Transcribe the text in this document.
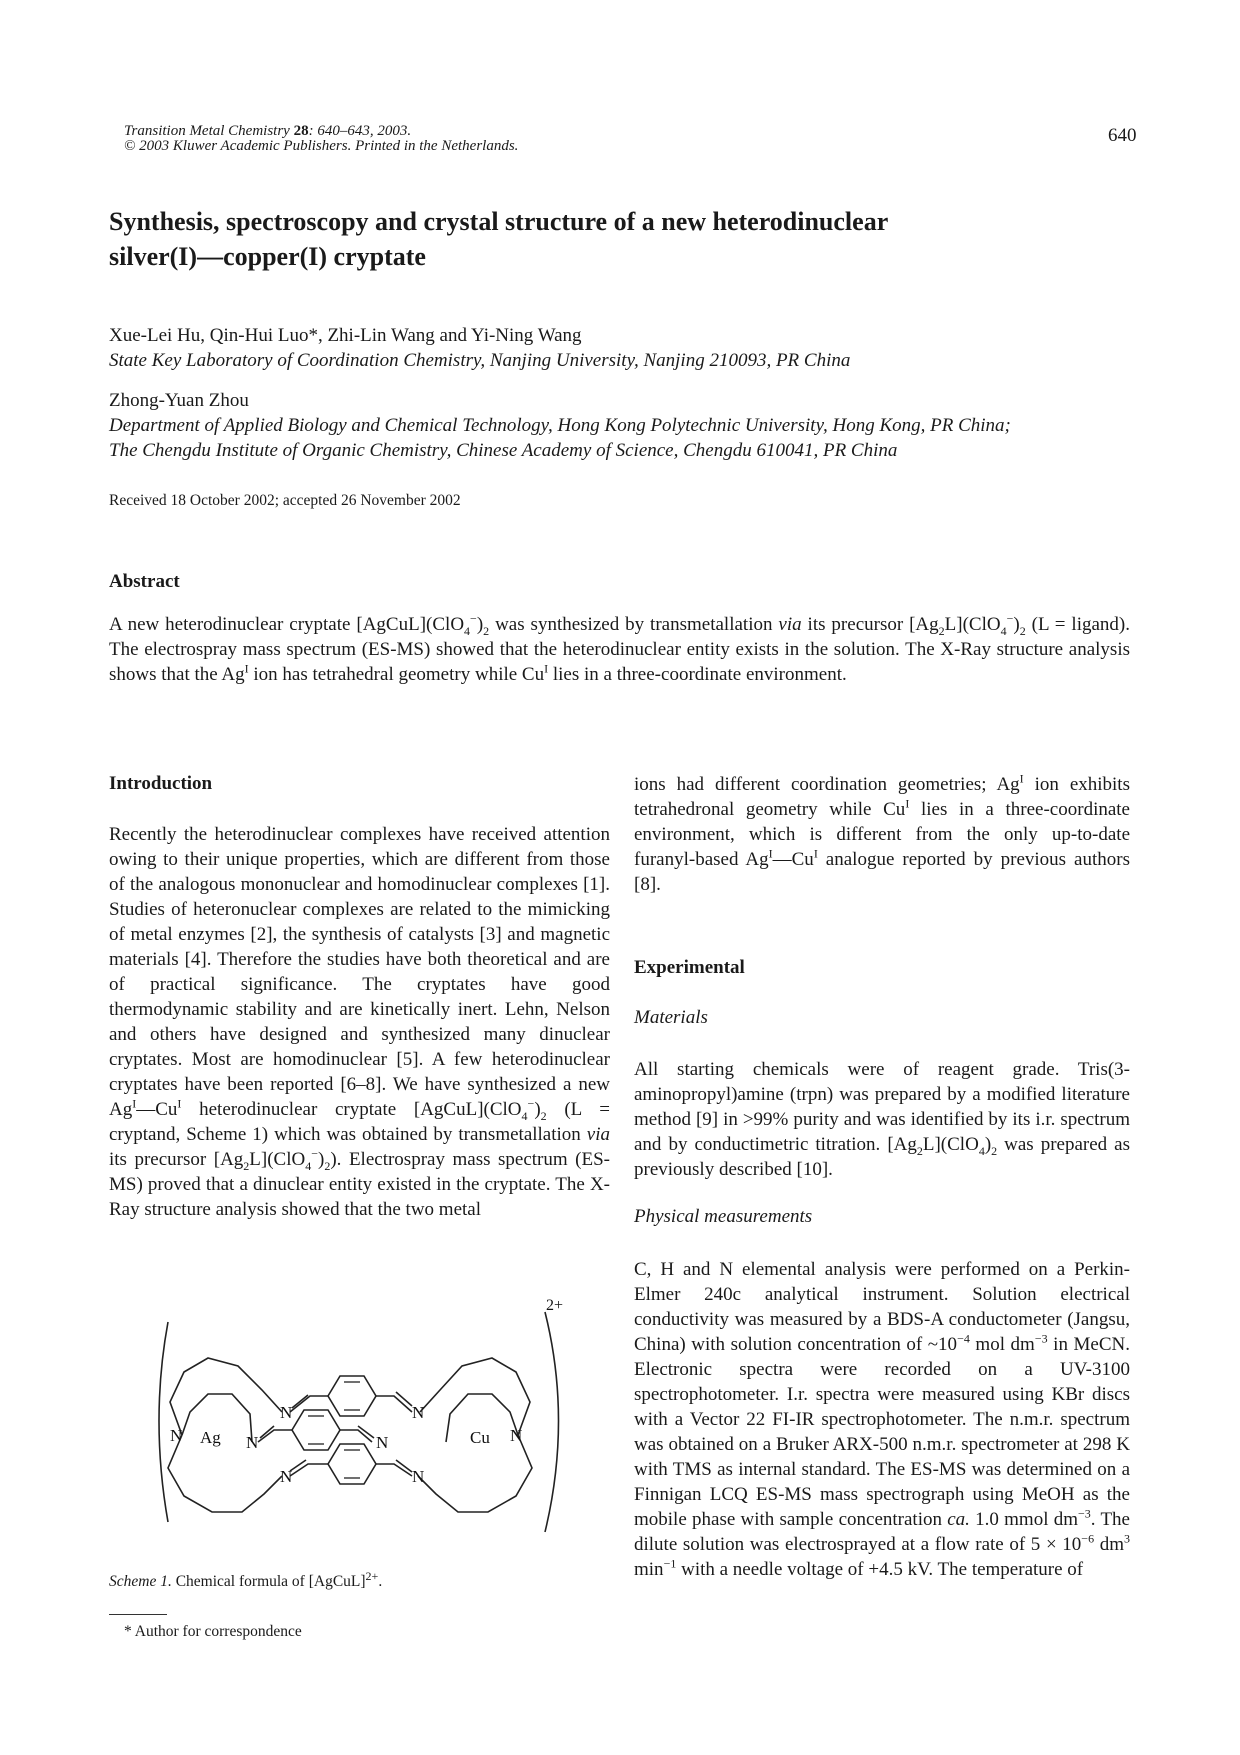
Transition Metal Chemistry 28: 640–643, 2003.
© 2003 Kluwer Academic Publishers. Printed in the Netherlands.	640
Synthesis, spectroscopy and crystal structure of a new heterodinuclear
silver(I)—copper(I) cryptate
Xue-Lei Hu, Qin-Hui Luo*, Zhi-Lin Wang and Yi-Ning Wang
State Key Laboratory of Coordination Chemistry, Nanjing University, Nanjing 210093, PR China
Zhong-Yuan Zhou
Department of Applied Biology and Chemical Technology, Hong Kong Polytechnic University, Hong Kong, PR China;
The Chengdu Institute of Organic Chemistry, Chinese Academy of Science, Chengdu 610041, PR China
Received 18 October 2002; accepted 26 November 2002
Abstract
A new heterodinuclear cryptate $[AgCuL](ClO_4^-)_2$ was synthesized by transmetallation via its precursor $[Ag_2L](ClO_4^-)_2$ (L = ligand). The electrospray mass spectrum (ES-MS) showed that the heterodinuclear entity exists in the solution. The X-Ray structure analysis shows that the $Ag^I$ ion has tetrahedral geometry while $Cu^I$ lies in a three-coordinate environment.
Introduction
Recently the heterodinuclear complexes have received attention owing to their unique properties, which are different from those of the analogous mononuclear and homodinuclear complexes [1]. Studies of heteronuclear complexes are related to the mimicking of metal enzymes [2], the synthesis of catalysts [3] and magnetic materials [4]. Therefore the studies have both theoretical and are of practical significance. The cryptates have good thermodynamic stability and are kinetically inert. Lehn, Nelson and others have designed and synthesized many dinuclear cryptates. Most are homodinuclear [5]. A few heterodinuclear cryptates have been reported [6–8]. We have synthesized a new $Ag^I—Cu^I$ heterodinuclear cryptate $[AgCuL](ClO_4^-)_2$ (L = cryptand, Scheme 1) which was obtained by transmetallation via its precursor $[Ag_2L](ClO_4^-)_2$). Electrospray mass spectrum (ES-MS) proved that a dinuclear entity existed in the cryptate. The X-Ray structure analysis showed that the two metal
N Ag
N
N
N
N
N
N
Cu N
2+
Scheme 1. Chemical formula of [AgCuL]$^{2+}$.
* Author for correspondence
ions had different coordination geometries; $Ag^I$ ion exhibits tetrahedronal geometry while $Cu^I$ lies in a three-coordinate environment, which is different from the only up-to-date furanyl-based $Ag^I—Cu^I$ analogue reported by previous authors [8].
Experimental
Materials
All starting chemicals were of reagent grade. Tris(3-aminopropyl)amine (trpn) was prepared by a modified literature method [9] in >99% purity and was identified by its i.r. spectrum and by conductimetric titration. $[Ag_2L](ClO_4)_2$ was prepared as previously described [10].
Physical measurements
C, H and N elemental analysis were performed on a Perkin-Elmer 240c analytical instrument. Solution electrical conductivity was measured by a BDS-A conductometer (Jangsu, China) with solution concentration of $\sim 10^{-4}$ mol $dm^{-3}$ in MeCN. Electronic spectra were recorded on a UV-3100 spectrophotometer. I.r. spectra were measured using KBr discs with a Vector 22 FI-IR spectrophotometer. The n.m.r. spectrum was obtained on a Bruker ARX-500 n.m.r. spectrometer at 298 K with TMS as internal standard. The ES-MS was determined on a Finnigan LCQ ES-MS mass spectrograph using MeOH as the mobile phase with sample concentration ca. 1.0 mmol $dm^{-3}$. The dilute solution was electrosprayed at a flow rate of $5 \times 10^{-6}$ $dm^3$ $\min^{-1}$ with a needle voltage of +4.5 kV. The temperature of
